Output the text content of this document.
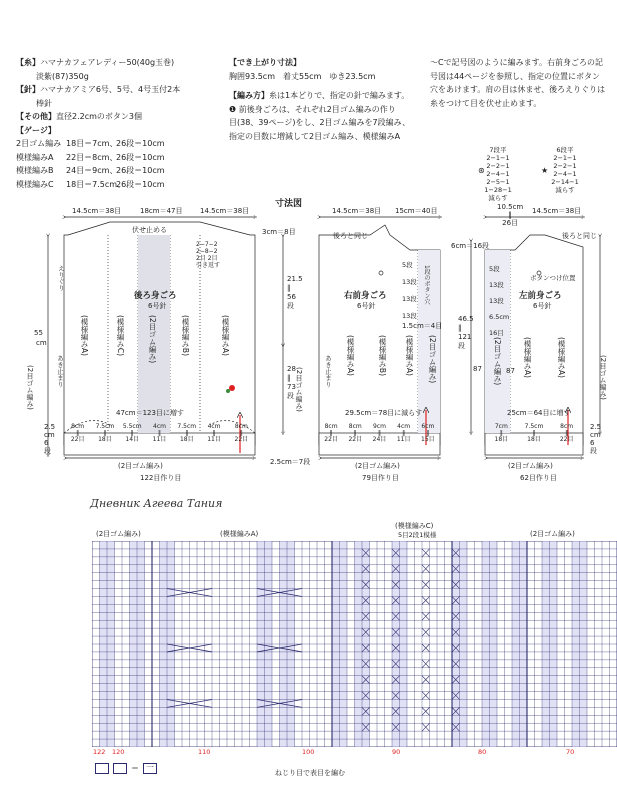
【糸】ハマナカフェアレディー50(40g玉巻)
淡紫(87)350g
【針】ハマナカアミア6号、5号、4号玉付2本
棒針
【その他】直径2.2cmのボタン3個
【ゲージ】
2目ゴム編み 18目＝7cm、
26段＝10cm
模様編みA	22目＝8cm、
26段＝10cm
模様編みB	24目＝9cm、
26段＝10cm
模様編みC	18目＝7.5cm、
26段＝10cm
【でき上がり寸法】
胸囲93.5cm　着丈55cm　ゆき23.5cm
【編み方】糸は1本どりで、指定の針で編みます。
❶ 前後身ごろは、それぞれ2目ゴム編みの作り
目(38、39ページ)をし、2目ゴム編みを7段編み、
指定の目数に増減して2目ゴム編み、模様編みA
〜Cで記号図のように編みます。右前身ごろの記
号図は44ページを参照し、指定の位置にボタン
穴をあけます。肩の目は休ませ、後ろえりぐりは
糸をつけて目を伏せ止めます。
7段平
2−1−1
2−2−1
2−4−1
2−5−1
1−28−1
減らす
⊛
6段平
2−1−1
2−2−1
2−4−1
2−14−1
減らす
★
寸法図
14.5cm＝38目	18cm＝47目	14.5cm＝38目
伏せ止める
2−7−2
2−8−2
2目 2目
引き返す
後ろ身ごろ
6号針
55
cm
3cm＝8目
21.5
‖
56
段
28
‖
73
段
2.5
cm
6
段
47cm＝123目に増す
8cm
‖
22目
7.5cm
‖
18目
5.5cm
‖
14目
4cm
‖
11目
7.5cm
‖
18目
4cm
‖
11目
8cm
‖
22目
(2目ゴム編み)
122目作り目
2.5cm＝7段
(模様編みA)	(模様編みC)	(2目ゴム編み)	(模様編みB)	(模様編みA)
あき止まり
えりぐり
(2目ゴム編み)	(2目ゴム編み)
14.5cm＝38目 15cm＝40目
後ろと同じ
右前身ごろ
6号針
5段
13段
13段
13段
1段のボタン穴
1.5cm＝4目
6cm＝16段
46.5
‖
121
段
87
29.5cm＝78目に減らす
8cm
‖
22目
8cm
‖
22目
9cm
‖
24目
4cm
‖
11目
6cm
‖
15目
(2目ゴム編み)
79目作り目
(模様編みA)	(模様編みB) (模様編みA) (2目ゴム編み)
あき止まり
10.5cm
‖
26目
14.5cm＝38目
後ろと同じ
ボタンつけ位置
左前身ごろ
6号針
5段
13段
13段
6.5cm
16目
(2目ゴム編み)	(模様編みA)	(模様編みA)
87
25cm＝64目に増す
7cm
‖
18目
7.5cm
‖
18目
8cm
‖
22目
(2目ゴム編み)
62目作り目
2.5
cm
6
段
(2目ゴム編み)
Дневник Агеева Тания
(2目ゴム編み)	(模様編みA)
(模様編みC)
5目2段1模様	(2目ゴム編み)
122 120	110	100	90	80	70
＝ 一
ねじり目で表目を編む
